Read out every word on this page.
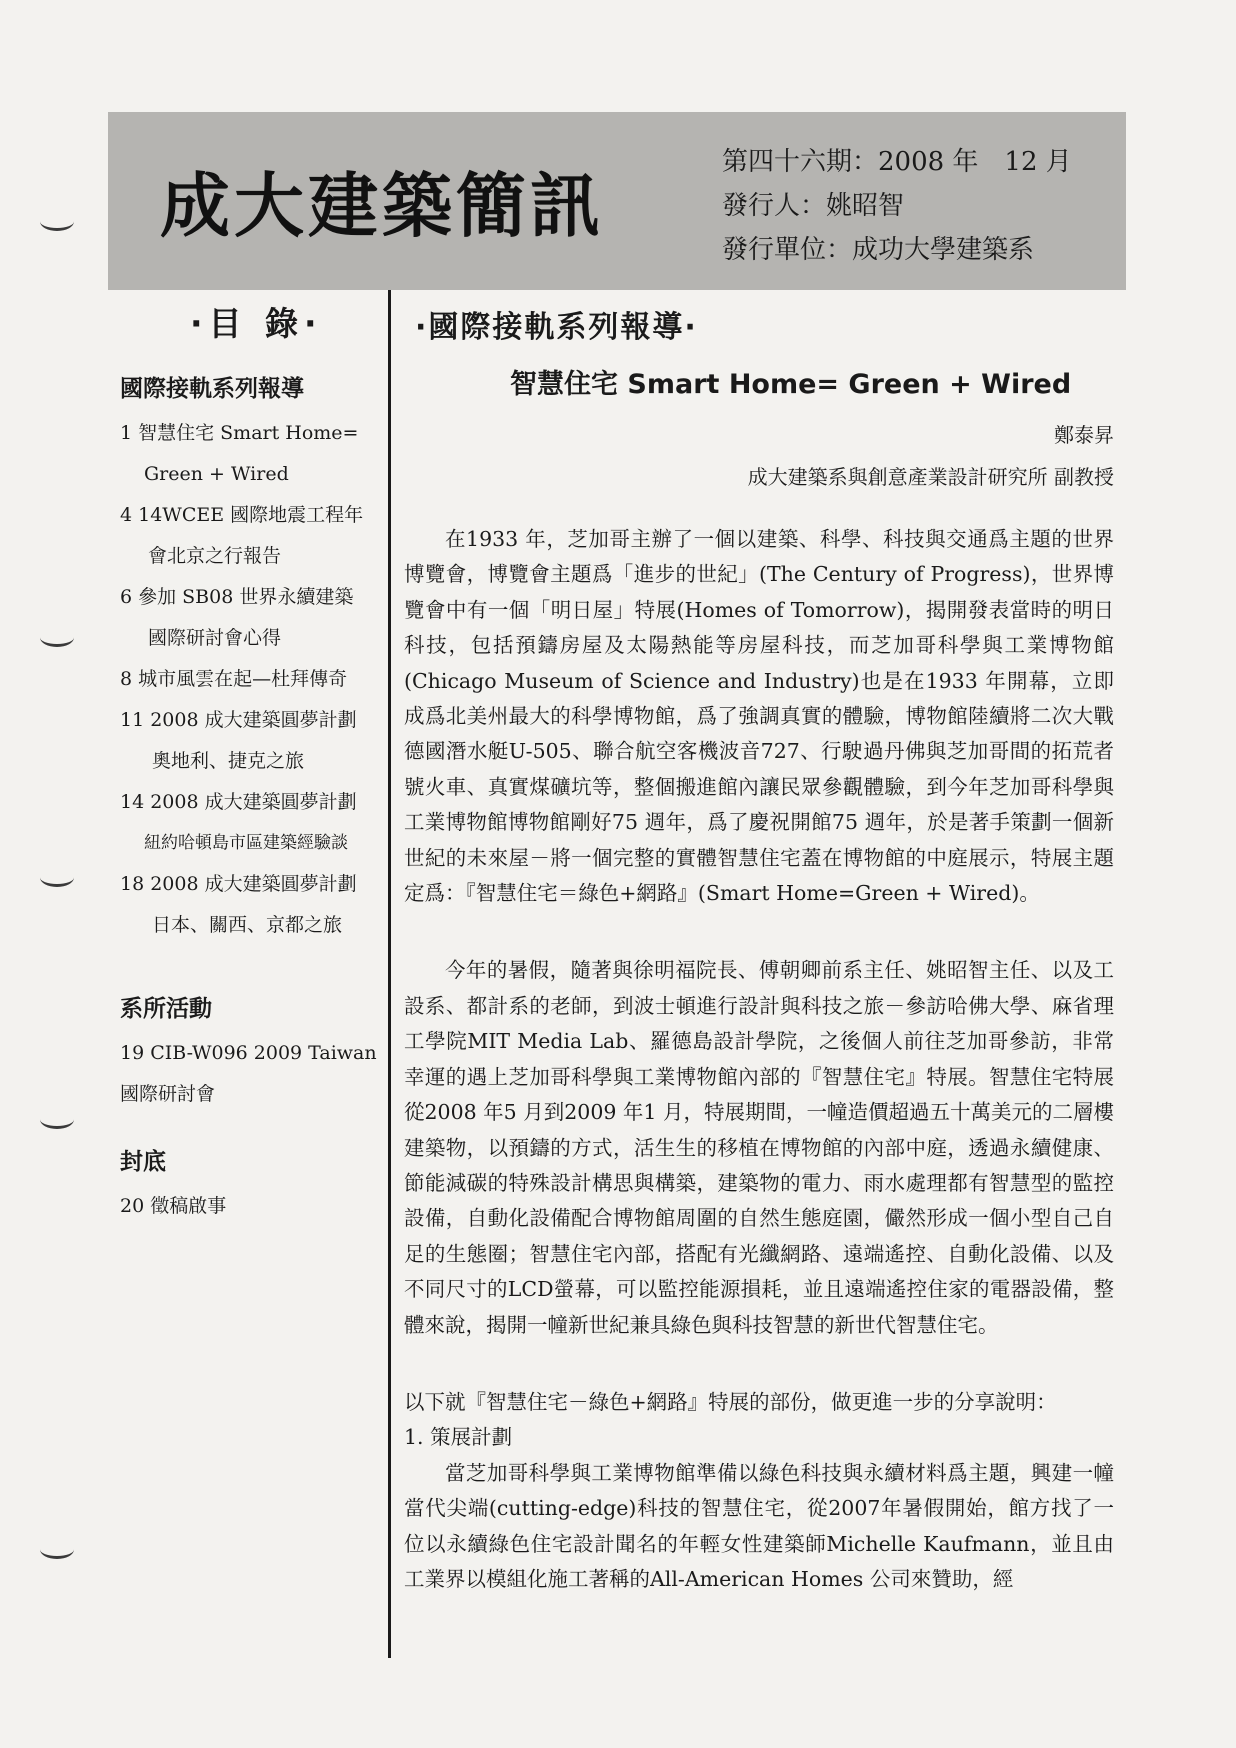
成大建築簡訊
第四十六期：2008 年　12 月
發行人：姚昭智
發行單位：成功大學建築系
·目 錄·
國際接軌系列報導
1 智慧住宅 Smart Home=
Green + Wired
4 14WCEE 國際地震工程年
會北京之行報告
6 參加 SB08 世界永續建築
國際研討會心得
8 城市風雲在起—杜拜傳奇
11 2008 成大建築圓夢計劃
奧地利、捷克之旅
14 2008 成大建築圓夢計劃
紐約哈頓島市區建築經驗談
18 2008 成大建築圓夢計劃
日本、關西、京都之旅
系所活動
19 CIB-W096 2009 Taiwan
國際研討會
封底
20 徵稿啟事
·國際接軌系列報導·
智慧住宅 Smart Home= Green + Wired
鄭泰昇
成大建築系與創意產業設計研究所 副教授

在1933 年，芝加哥主辦了一個以建築、科學、科技與交通爲主題的世界博覽會，博覽會主題爲「進步的世紀」(The Century of Progress)，世界博覽會中有一個「明日屋」特展(Homes of Tomorrow)，揭開發表當時的明日科技，包括預鑄房屋及太陽熱能等房屋科技，而芝加哥科學與工業博物館(Chicago Museum of Science and Industry)也是在1933 年開幕，立即成爲北美州最大的科學博物館，爲了強調真實的體驗，博物館陸續將二次大戰德國潛水艇U-505、聯合航空客機波音727、行駛過丹佛與芝加哥間的拓荒者號火車、真實煤礦坑等，整個搬進館內讓民眾參觀體驗，到今年芝加哥科學與工業博物館博物館剛好75 週年，爲了慶祝開館75 週年，於是著手策劃一個新世紀的未來屋－將一個完整的實體智慧住宅蓋在博物館的中庭展示，特展主題定爲：『智慧住宅＝綠色+網路』(Smart Home=Green + Wired)。

今年的暑假，隨著與徐明福院長、傅朝卿前系主任、姚昭智主任、以及工設系、都計系的老師，到波士頓進行設計與科技之旅－參訪哈佛大學、麻省理工學院MIT Media Lab、羅德島設計學院，之後個人前往芝加哥參訪，非常幸運的遇上芝加哥科學與工業博物館內部的『智慧住宅』特展。智慧住宅特展從2008 年5 月到2009 年1 月，特展期間，一幢造價超過五十萬美元的二層樓建築物，以預鑄的方式，活生生的移植在博物館的內部中庭，透過永續健康、節能減碳的特殊設計構思與構築，建築物的電力、雨水處理都有智慧型的監控設備，自動化設備配合博物館周圍的自然生態庭園，儼然形成一個小型自己自足的生態圈；智慧住宅內部，搭配有光纖網路、遠端遙控、自動化設備、以及不同尺寸的LCD螢幕，可以監控能源損耗，並且遠端遙控住家的電器設備，整體來說，揭開一幢新世紀兼具綠色與科技智慧的新世代智慧住宅。

以下就『智慧住宅－綠色+網路』特展的部份，做更進一步的分享說明：

1. 策展計劃

當芝加哥科學與工業博物館準備以綠色科技與永續材料爲主題，興建一幢當代尖端(cutting-edge)科技的智慧住宅，從2007年暑假開始，館方找了一位以永續綠色住宅設計聞名的年輕女性建築師Michelle Kaufmann，並且由工業界以模組化施工著稱的All-American Homes 公司來贊助，經
